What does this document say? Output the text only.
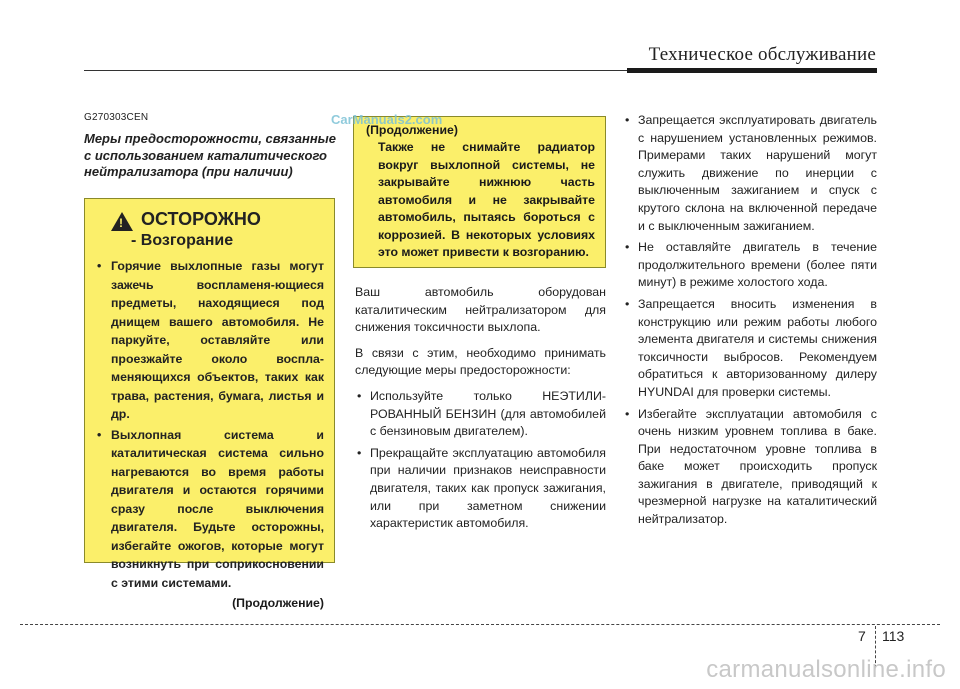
Техническое обслуживание
G270303CEN
Меры предосторожности, связанные с использованием каталитического нейтрализатора (при наличии)
!
ОСТОРОЖНО
- Возгорание
• Горячие выхлопные газы могут зажечь воспламеня-ющиеся предметы, находящиеся под днищем вашего автомобиля. Не паркуйте, оставляйте или проезжайте около воспла-меняющихся объектов, таких как трава, растения, бумага, листья и др.
• Выхлопная система и каталитическая система сильно нагреваются во время работы двигателя и остаются горячими сразу после выключения двигателя. Будьте осторожны, избегайте ожогов, которые могут возникнуть при соприкосновении с этими системами.
(Продолжение)
(Продолжение)
Также не снимайте радиатор вокруг выхлопной системы, не закрывайте нижнюю часть автомобиля и не закрывайте автомобиль, пытаясь бороться с коррозией. В некоторых условиях это может привести к возгоранию.

Ваш автомобиль оборудован каталитическим нейтрализатором для снижения токсичности выхлопа.

В связи с этим, необходимо принимать следующие меры предосторожности:

• Используйте только НЕЭТИЛИ-РОВАННЫЙ БЕНЗИН (для автомобилей с бензиновым двигателем).
• Прекращайте эксплуатацию автомобиля при наличии признаков неисправности двигателя, таких как пропуск зажигания, или при заметном снижении характеристик автомобиля.
• Запрещается эксплуатировать двигатель с нарушением установленных режимов. Примерами таких нарушений могут служить движение по инерции с выключенным зажиганием и спуск с крутого склона на включенной передаче и с выключенным зажиганием.
• Не оставляйте двигатель в течение продолжительного времени (более пяти минут) в режиме холостого хода.
• Запрещается вносить изменения в конструкцию или режим работы любого элемента двигателя и системы снижения токсичности выбросов. Рекомендуем обратиться к авторизованному дилеру HYUNDAI для проверки системы.
• Избегайте эксплуатации автомобиля с очень низким уровнем топлива в баке. При недостаточном уровне топлива в баке может происходить пропуск зажигания в двигателе, приводящий к чрезмерной нагрузке на каталитический нейтрализатор.
7 113
CarManuals2.com
carmanualsonline.info
